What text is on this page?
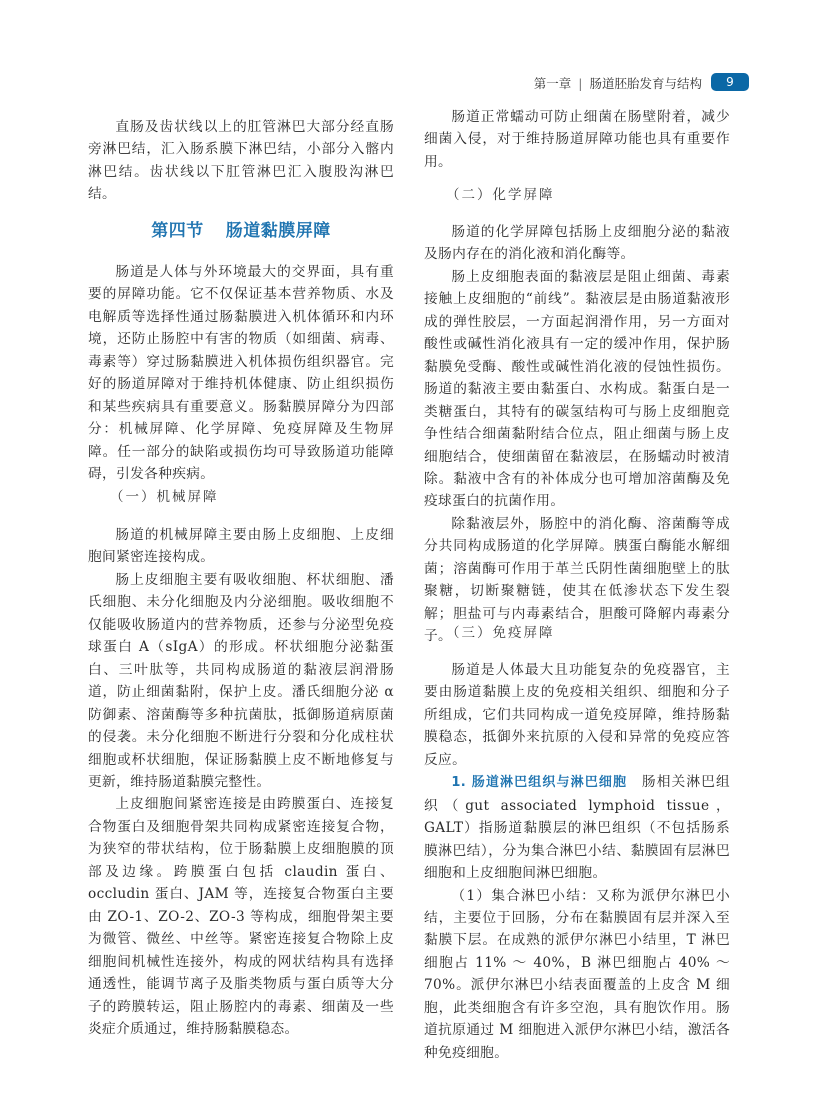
第一章 | 肠道胚胎发育与结构	9

直肠及齿状线以上的肛管淋巴大部分经直肠旁淋巴结，汇入肠系膜下淋巴结，小部分入髂内淋巴结。齿状线以下肛管淋巴汇入腹股沟淋巴结。

第四节 肠道黏膜屏障

肠道是人体与外环境最大的交界面，具有重要的屏障功能。它不仅保证基本营养物质、水及电解质等选择性通过肠黏膜进入机体循环和内环境，还防止肠腔中有害的物质（如细菌、病毒、毒素等）穿过肠黏膜进入机体损伤组织器官。完好的肠道屏障对于维持机体健康、防止组织损伤和某些疾病具有重要意义。肠黏膜屏障分为四部分：机械屏障、化学屏障、免疫屏障及生物屏障。任一部分的缺陷或损伤均可导致肠道功能障碍，引发各种疾病。

（一）机械屏障

肠道的机械屏障主要由肠上皮细胞、上皮细胞间紧密连接构成。

肠上皮细胞主要有吸收细胞、杯状细胞、潘氏细胞、未分化细胞及内分泌细胞。吸收细胞不仅能吸收肠道内的营养物质，还参与分泌型免疫球蛋白 A（sIgA）的形成。杯状细胞分泌黏蛋白、三叶肽等，共同构成肠道的黏液层润滑肠道，防止细菌黏附，保护上皮。潘氏细胞分泌 α 防御素、溶菌酶等多种抗菌肽，抵御肠道病原菌的侵袭。未分化细胞不断进行分裂和分化成柱状细胞或杯状细胞，保证肠黏膜上皮不断地修复与更新，维持肠道黏膜完整性。

上皮细胞间紧密连接是由跨膜蛋白、连接复合物蛋白及细胞骨架共同构成紧密连接复合物，为狭窄的带状结构，位于肠黏膜上皮细胞膜的顶部及边缘。跨膜蛋白包括 claudin 蛋白、occludin 蛋白、JAM 等，连接复合物蛋白主要由 ZO-1、ZO-2、ZO-3 等构成，细胞骨架主要为微管、微丝、中丝等。紧密连接复合物除上皮细胞间机械性连接外，构成的网状结构具有选择通透性，能调节离子及脂类物质与蛋白质等大分子的跨膜转运，阻止肠腔内的毒素、细菌及一些炎症介质通过，维持肠黏膜稳态。

肠道正常蠕动可防止细菌在肠壁附着，减少细菌入侵，对于维持肠道屏障功能也具有重要作用。

（二）化学屏障

肠道的化学屏障包括肠上皮细胞分泌的黏液及肠内存在的消化液和消化酶等。

肠上皮细胞表面的黏液层是阻止细菌、毒素接触上皮细胞的“前线”。黏液层是由肠道黏液形成的弹性胶层，一方面起润滑作用，另一方面对酸性或碱性消化液具有一定的缓冲作用，保护肠黏膜免受酶、酸性或碱性消化液的侵蚀性损伤。肠道的黏液主要由黏蛋白、水构成。黏蛋白是一类糖蛋白，其特有的碳氢结构可与肠上皮细胞竞争性结合细菌黏附结合位点，阻止细菌与肠上皮细胞结合，使细菌留在黏液层，在肠蠕动时被清除。黏液中含有的补体成分也可增加溶菌酶及免疫球蛋白的抗菌作用。

除黏液层外，肠腔中的消化酶、溶菌酶等成分共同构成肠道的化学屏障。胰蛋白酶能水解细菌；溶菌酶可作用于革兰氏阴性菌细胞壁上的肽聚糖，切断聚糖链，使其在低渗状态下发生裂解；胆盐可与内毒素结合，胆酸可降解内毒素分子。

（三）免疫屏障

肠道是人体最大且功能复杂的免疫器官，主要由肠道黏膜上皮的免疫相关组织、细胞和分子所组成，它们共同构成一道免疫屏障，维持肠黏膜稳态，抵御外来抗原的入侵和异常的免疫应答反应。

1. 肠道淋巴组织与淋巴细胞　 肠相关淋巴组织（gut associated lymphoid tissue，GALT）指肠道黏膜层的淋巴组织（不包括肠系膜淋巴结），分为集合淋巴小结、黏膜固有层淋巴细胞和上皮细胞间淋巴细胞。

（1）集合淋巴小结：又称为派伊尔淋巴小结，主要位于回肠，分布在黏膜固有层并深入至黏膜下层。在成熟的派伊尔淋巴小结里，T 淋巴细胞占 11% ～ 40%，B 淋巴细胞占 40% ～ 70%。派伊尔淋巴小结表面覆盖的上皮含 M 细胞，此类细胞含有许多空泡，具有胞饮作用。肠道抗原通过 M 细胞进入派伊尔淋巴小结，激活各种免疫细胞。
